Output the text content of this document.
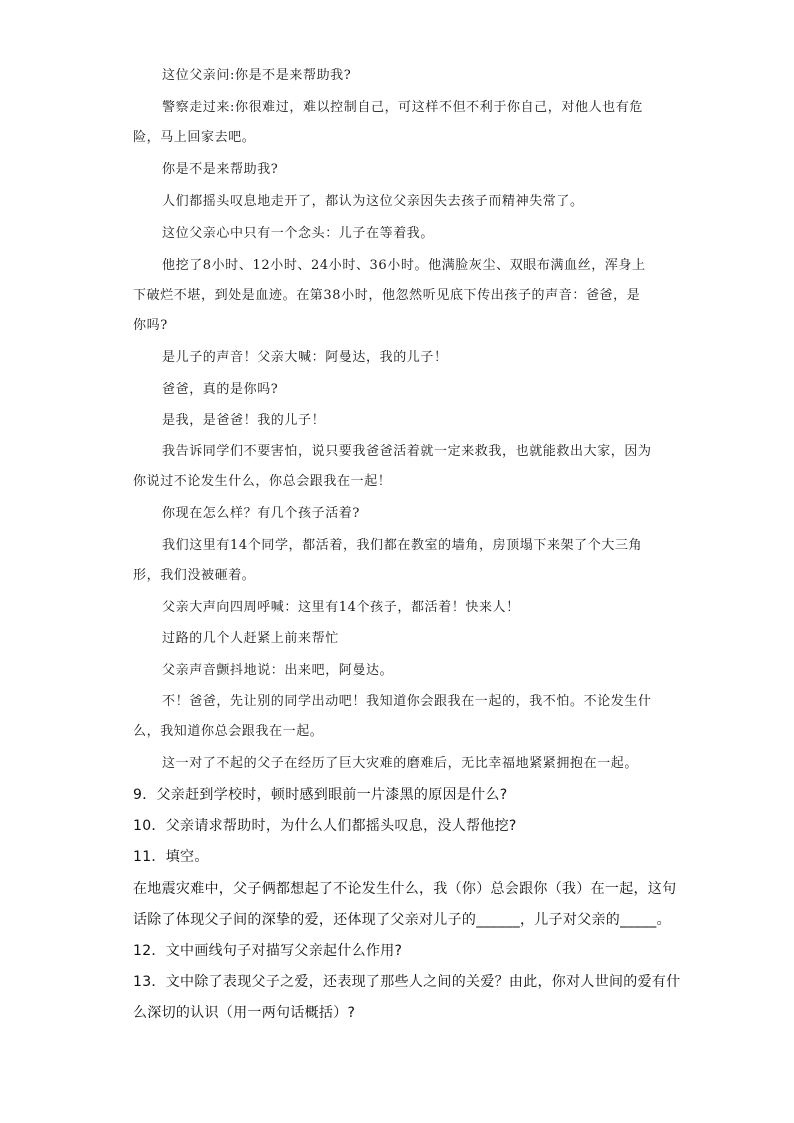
这位父亲问:你是不是来帮助我?
警察走过来:你很难过，难以控制自己，可这样不但不利于你自己，对他人也有危
险，马上回家去吧。
你是不是来帮助我?
人们都摇头叹息地走开了，都认为这位父亲因失去孩子而精神失常了。
这位父亲心中只有一个念头：儿子在等着我。
他挖了8小时、12小时、24小时、36小时。他满脸灰尘、双眼布满血丝，浑身上
下破烂不堪，到处是血迹。在第38小时，他忽然听见底下传出孩子的声音：爸爸，是
你吗?
是儿子的声音！父亲大喊：阿曼达，我的儿子！
爸爸，真的是你吗?
是我，是爸爸！我的儿子！
我告诉同学们不要害怕，说只要我爸爸活着就一定来救我，也就能救出大家，因为
你说过不论发生什么，你总会跟我在一起！
你现在怎么样？有几个孩子活着?
我们这里有14个同学，都活着，我们都在教室的墙角，房顶塌下来架了个大三角
形，我们没被砸着。
父亲大声向四周呼喊：这里有14个孩子，都活着！快来人！
过路的几个人赶紧上前来帮忙
父亲声音颤抖地说：出来吧，阿曼达。
不！爸爸，先让别的同学出动吧！我知道你会跟我在一起的，我不怕。不论发生什
么，我知道你总会跟我在一起。
这一对了不起的父子在经历了巨大灾难的磨难后，无比幸福地紧紧拥抱在一起。
9．父亲赶到学校时，顿时感到眼前一片漆黑的原因是什么?
10．父亲请求帮助时，为什么人们都摇头叹息，没人帮他挖?
11．填空。
在地震灾难中，父子俩都想起了不论发生什么，我（你）总会跟你（我）在一起，这句
话除了体现父子间的深挚的爱，还体现了父亲对儿子的______，儿子对父亲的_____。
12．文中画线句子对描写父亲起什么作用?
13．文中除了表现父子之爱，还表现了那些人之间的关爱？由此，你对人世间的爱有什
么深切的认识（用一两句话概括）?
